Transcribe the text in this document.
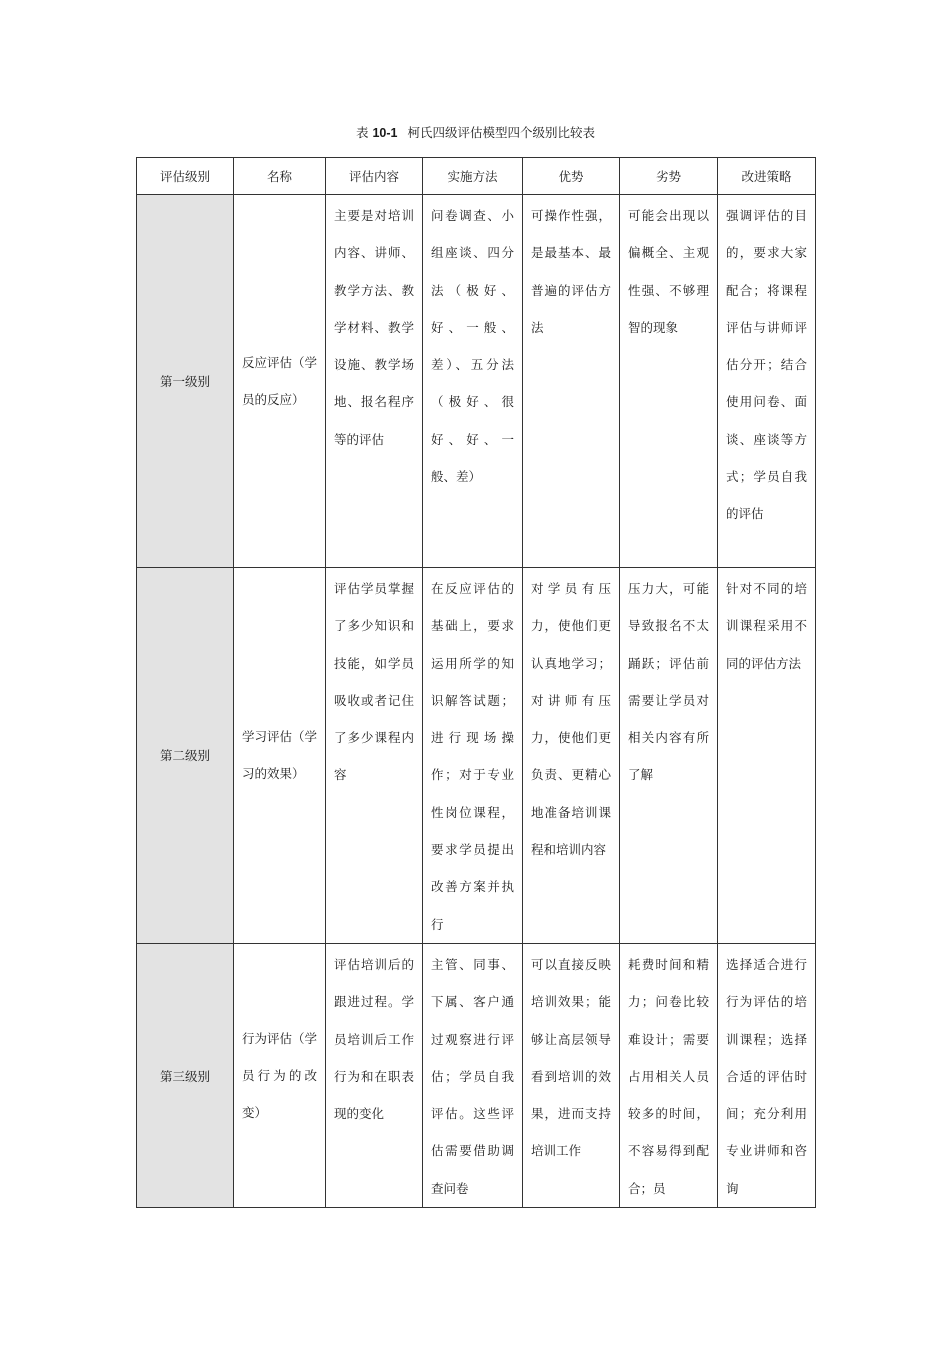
表 10-1 柯氏四级评估模型四个级别比较表
评估级别	名称	评估内容	实施方法	优势	劣势	改进策略
第一级别	反应评估（学员的反应）	主要是对培训内容、讲师、教学方法、教学材料、教学设施、教学场地、报名程序等的评估	问卷调查、小组座谈、四分法（极好、好、一般、差）、五分法（极好、很好、好、一般、差）	可操作性强，是最基本、最普遍的评估方法	可能会出现以偏概全、主观性强、不够理智的现象	强调评估的目的，要求大家配合；将课程评估与讲师评估分开；结合使用问卷、面谈、座谈等方式；学员自我的评估
第二级别	学习评估（学习的效果）	评估学员掌握了多少知识和技能，如学员吸收或者记住了多少课程内容	在反应评估的基础上，要求运用所学的知识解答试题；进行现场操作；对于专业性岗位课程，要求学员提出改善方案并执行	对学员有压力，使他们更认真地学习；对讲师有压力，使他们更负责、更精心地准备培训课程和培训内容	压力大，可能导致报名不太踊跃；评估前需要让学员对相关内容有所了解	针对不同的培训课程采用不同的评估方法
第三级别	行为评估（学员行为的改变）	评估培训后的跟进过程。学员培训后工作行为和在职表现的变化	主管、同事、下属、客户通过观察进行评估；学员自我评估。这些评估需要借助调查问卷	可以直接反映培训效果；能够让高层领导看到培训的效果，进而支持培训工作	耗费时间和精力；问卷比较难设计；需要占用相关人员较多的时间，不容易得到配合；员	选择适合进行行为评估的培训课程；选择合适的评估时间；充分利用专业讲师和咨询
